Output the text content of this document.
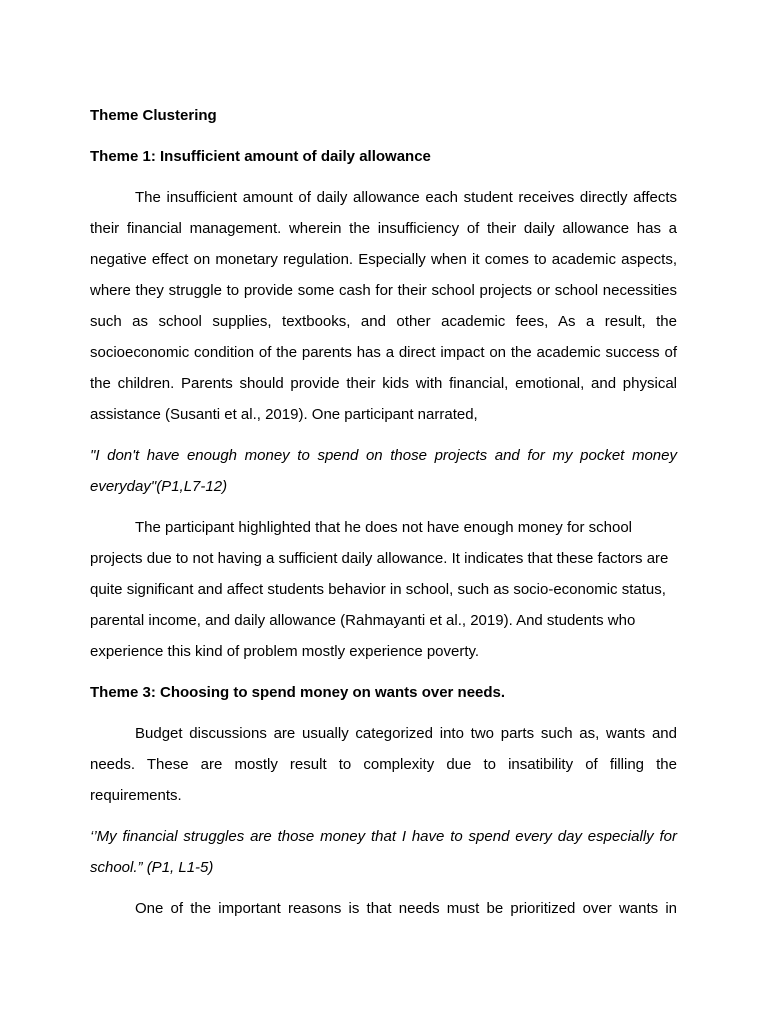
Theme Clustering
Theme 1: Insufficient amount of daily allowance

The insufficient amount of daily allowance each student receives directly affects their financial management. wherein the insufficiency of their daily allowance has a negative effect on monetary regulation. Especially when it comes to academic aspects, where they struggle to provide some cash for their school projects or school necessities such as school supplies, textbooks, and other academic fees, As a result, the socioeconomic condition of the parents has a direct impact on the academic success of the children. Parents should provide their kids with financial, emotional, and physical assistance (Susanti et al., 2019). One participant narrated,

"I don't have enough money to spend on those projects and for my pocket money everyday"(P1,L7-12)

The participant highlighted that he does not have enough money for school projects due to not having a sufficient daily allowance. It indicates that these factors are quite significant and affect students behavior in school, such as socio-economic status, parental income, and daily allowance (Rahmayanti et al., 2019). And students who experience this kind of problem mostly experience poverty.

Theme 3: Choosing to spend money on wants over needs.

Budget discussions are usually categorized into two parts such as, wants and needs. These are mostly result to complexity due to insatibility of filling the requirements.

‘’My financial struggles are those money that I have to spend every day especially for school.” (P1, L1-5)

One of the important reasons is that needs must be prioritized over wants in
